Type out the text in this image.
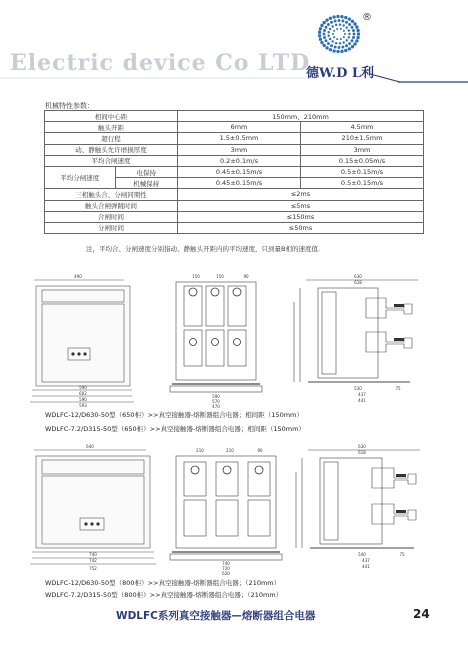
Electric device Co LTD
®
德W.D L利
机械特性参数：
相间中心距		150mm、210mm	
触头开距		6mm	4.5mm
超行程		1.5±0.5mm	210±1.5mm
动、静触头允许磨损厚度		3mm	3mm
平均合闸速度		0.2±0.1m/s	0.15±0.05m/s
平均分闸速度	电保持	0.45±0.15m/s	0.5±0.15m/s
	机械保持	0.45±0.15m/s	0.5±0.15m/s
三相触头合、分闸同期性		≤2ms	
触头合闸弹跳时间		≤5ms	
合闸时间		≤150ms	
分闸时间		≤50ms	
注，平均合、分闸速度分别指动、静触头开距内的平均速度，只到量B相的速度值.
490
590
602
590
593
150	150	90
590
570
470
630
618
530
437
441
75
WDLFC-12/D630-50型（650柜）>>真空接触器-熔断器组合电器；相间距（150mm）
WDLFC-7.2/D315-50型（650柜）>>真空接触器-熔断器组合电器；相间距（150mm）
640
740
742
752
210	210	90
740
720
620
630
618
540
437
441
75
WDLFC-12/D630-50型（800柜）>>真空接触器-熔断器组合电器；（210mm）
WDLFC-7.2/D315-50型（800柜）>>真空接触器-熔断器组合电器；（210mm）
WDLFC系列真空接触器—熔断器组合电器	24
